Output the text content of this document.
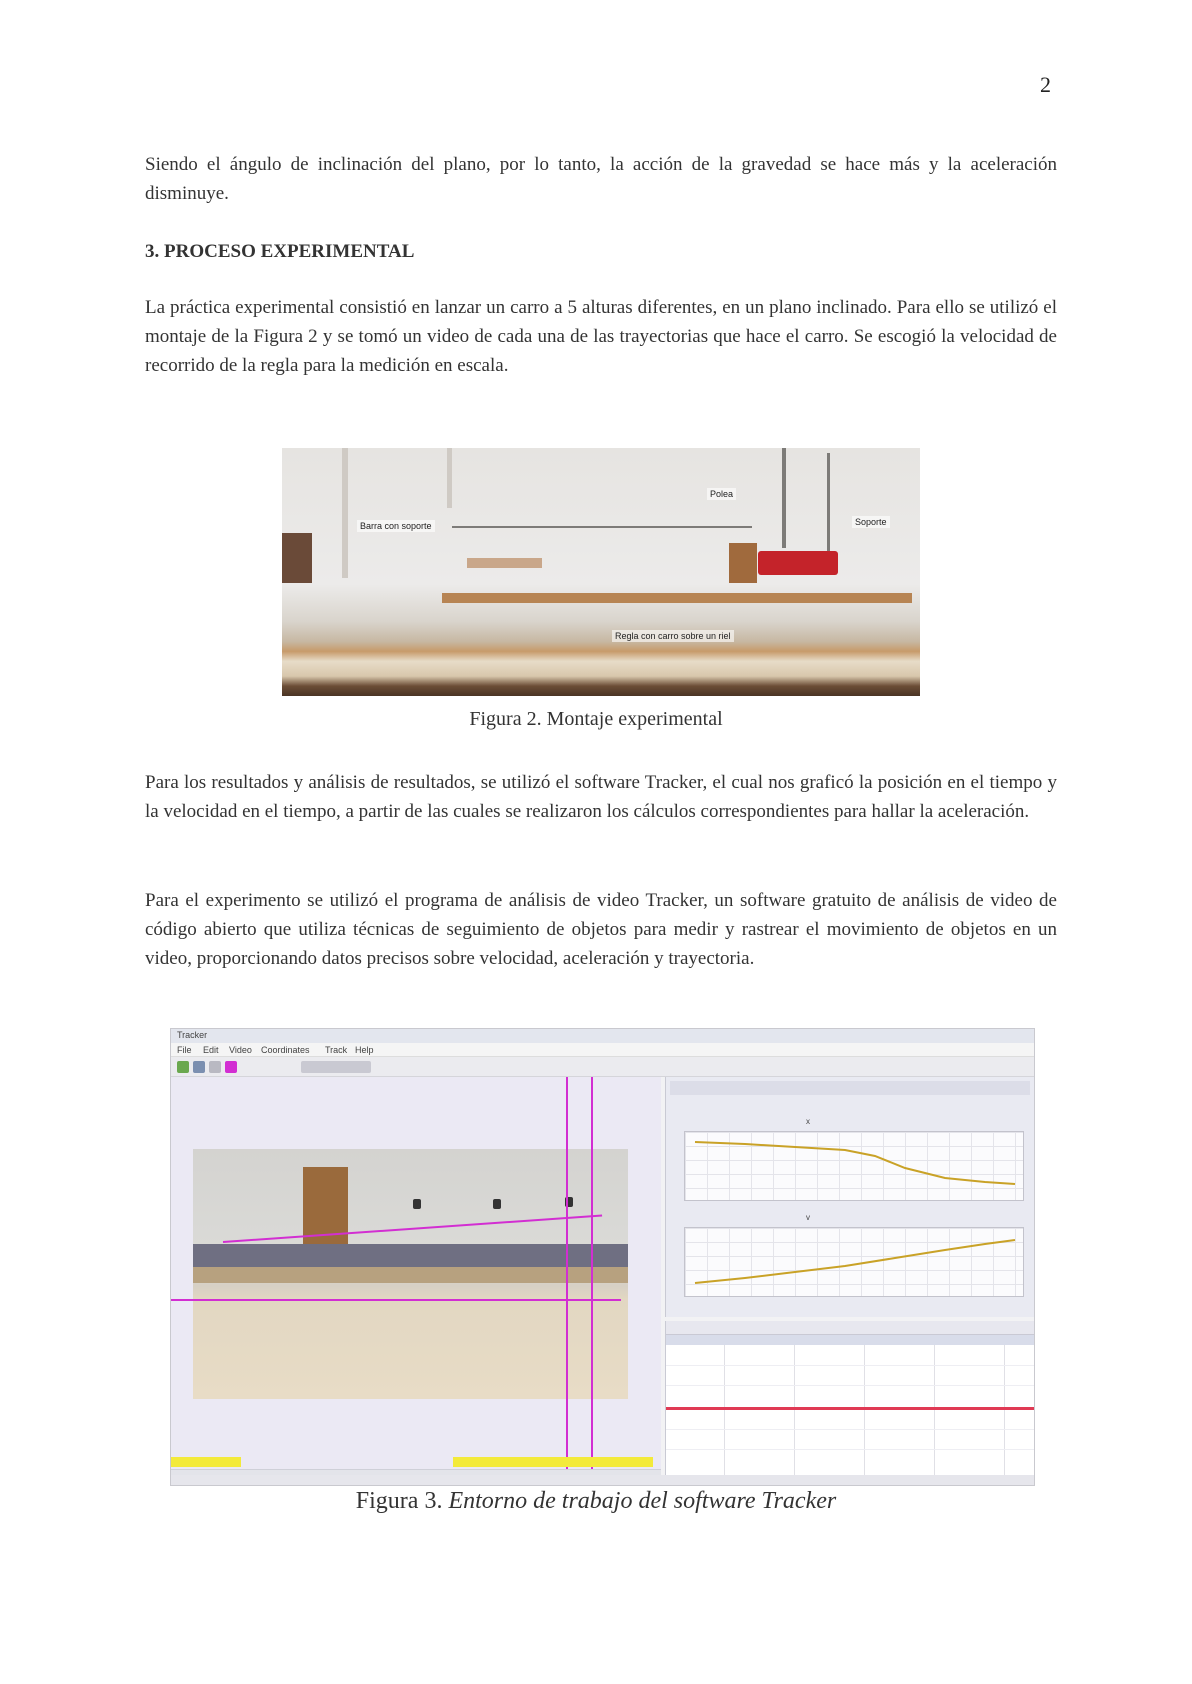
2

Siendo el ángulo de inclinación del plano, por lo tanto, la acción de la gravedad se hace más y la aceleración disminuye.

3. PROCESO EXPERIMENTAL

La práctica experimental consistió en lanzar un carro a 5 alturas diferentes, en un plano inclinado. Para ello se utilizó el montaje de la Figura 2 y se tomó un video de cada una de las trayectorias que hace el carro. Se escogió la velocidad de recorrido de la regla para la medición en escala.

Barra con soporte
Polea
Soporte
Regla con carro sobre un riel
Figura 2. Montaje experimental

Para los resultados y análisis de resultados, se utilizó el software Tracker, el cual nos graficó la posición en el tiempo y la velocidad en el tiempo, a partir de las cuales se realizaron los cálculos correspondientes para hallar la aceleración.

Para el experimento se utilizó el programa de análisis de video Tracker, un software gratuito de análisis de video de código abierto que utiliza técnicas de seguimiento de objetos para medir y rastrear el movimiento de objetos en un video, proporcionando datos precisos sobre velocidad, aceleración y trayectoria.

Tracker
File Edit Video Coordinates Track Help
x
v
Figura 3. Entorno de trabajo del software Tracker
